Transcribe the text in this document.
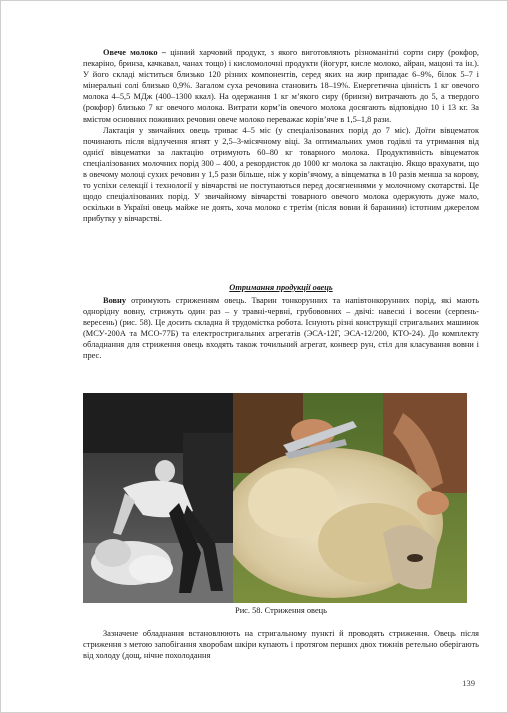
Овече молоко – цінний харчовий продукт, з якого виготовляють різноманітні сорти сиру (рокфор, пекаріно, бринза, качкавал, чанах тощо) і кисломолочні продукти (йогурт, кисле молоко, айран, мацоні та ін.). У його складі міститься близько 120 різних компонентів, серед яких на жир припадає 6–9%, білок 5–7 і мінеральні солі близько 0,9%. Загалом суха речовина становить 18–19%. Енергетична цінність 1 кг овечого молока 4–5,5 МДж (400–1300 ккал). На одержання 1 кг м’якого сиру (бринзи) витрачають до 5, а твердого (рокфор) близько 7 кг овечого молока. Витрати кормʼів овечого молока досягають відповідно 10 і 13 кг. За вмістом основних поживних речовин овече молоко переважає корів’яче в 1,5–1,8 рази.

Лактація у звичайних овець триває 4–5 міс (у спеціалізованих порід до 7 міс). Доїти вівцематок починають після відлучення ягнят у 2,5–3-місячному віці. За оптимальних умов годівлі та утримання від однієї вівцематки за лактацію отримують 60–80 кг товарного молока. Продуктивність вівцематок спеціалізованих молочних порід 300 – 400, а рекордисток до 1000 кг молока за лактацію. Якщо врахувати, що в овечому молоці сухих речовин у 1,5 рази більше, ніж у корів’ячому, а вівцематка в 10 разів менша за корову, то успіхи селекції і технології у вівчарстві не поступаються перед досягненнями у молочному скотарстві. Це щодо спеціалізованих порід. У звичайному вівчарстві товарного овечого молока одержують дуже мало, оскільки в Україні овець майже не доять, хоча молоко є третім (після вовни й баранини) істотним джерелом прибутку у вівчарстві.

Отримання продукції овець

Вовну отримують стриженням овець. Тварин тонкорунних та напівтонкорунних порід, які мають однорідну вовну, стрижуть один раз – у травні-червні, грубововних – двічі: навесні і восени (серпень-вересень) (рис. 58). Це досить складна й трудомістка робота. Існують різні конструкції стригальних машинок (МСУ-200А та МСО-77Б) та електростригальних агрегатів (ЭСА-12Г, ЭСА-12/200, КТО-24). До комплекту обладнання для стриження овець входять також точильний агрегат, конвеєр рун, стіл для класування вовни і прес.

Рис. 58. Стриження овець

Зазначене обладнання встановлюють на стригальному пункті й проводять стриження. Овець після стриження з метою запобігання хворобам шкіри купають і протягом перших двох тижнів ретельно оберігають від холоду (дощ, нічне похолодання

139
